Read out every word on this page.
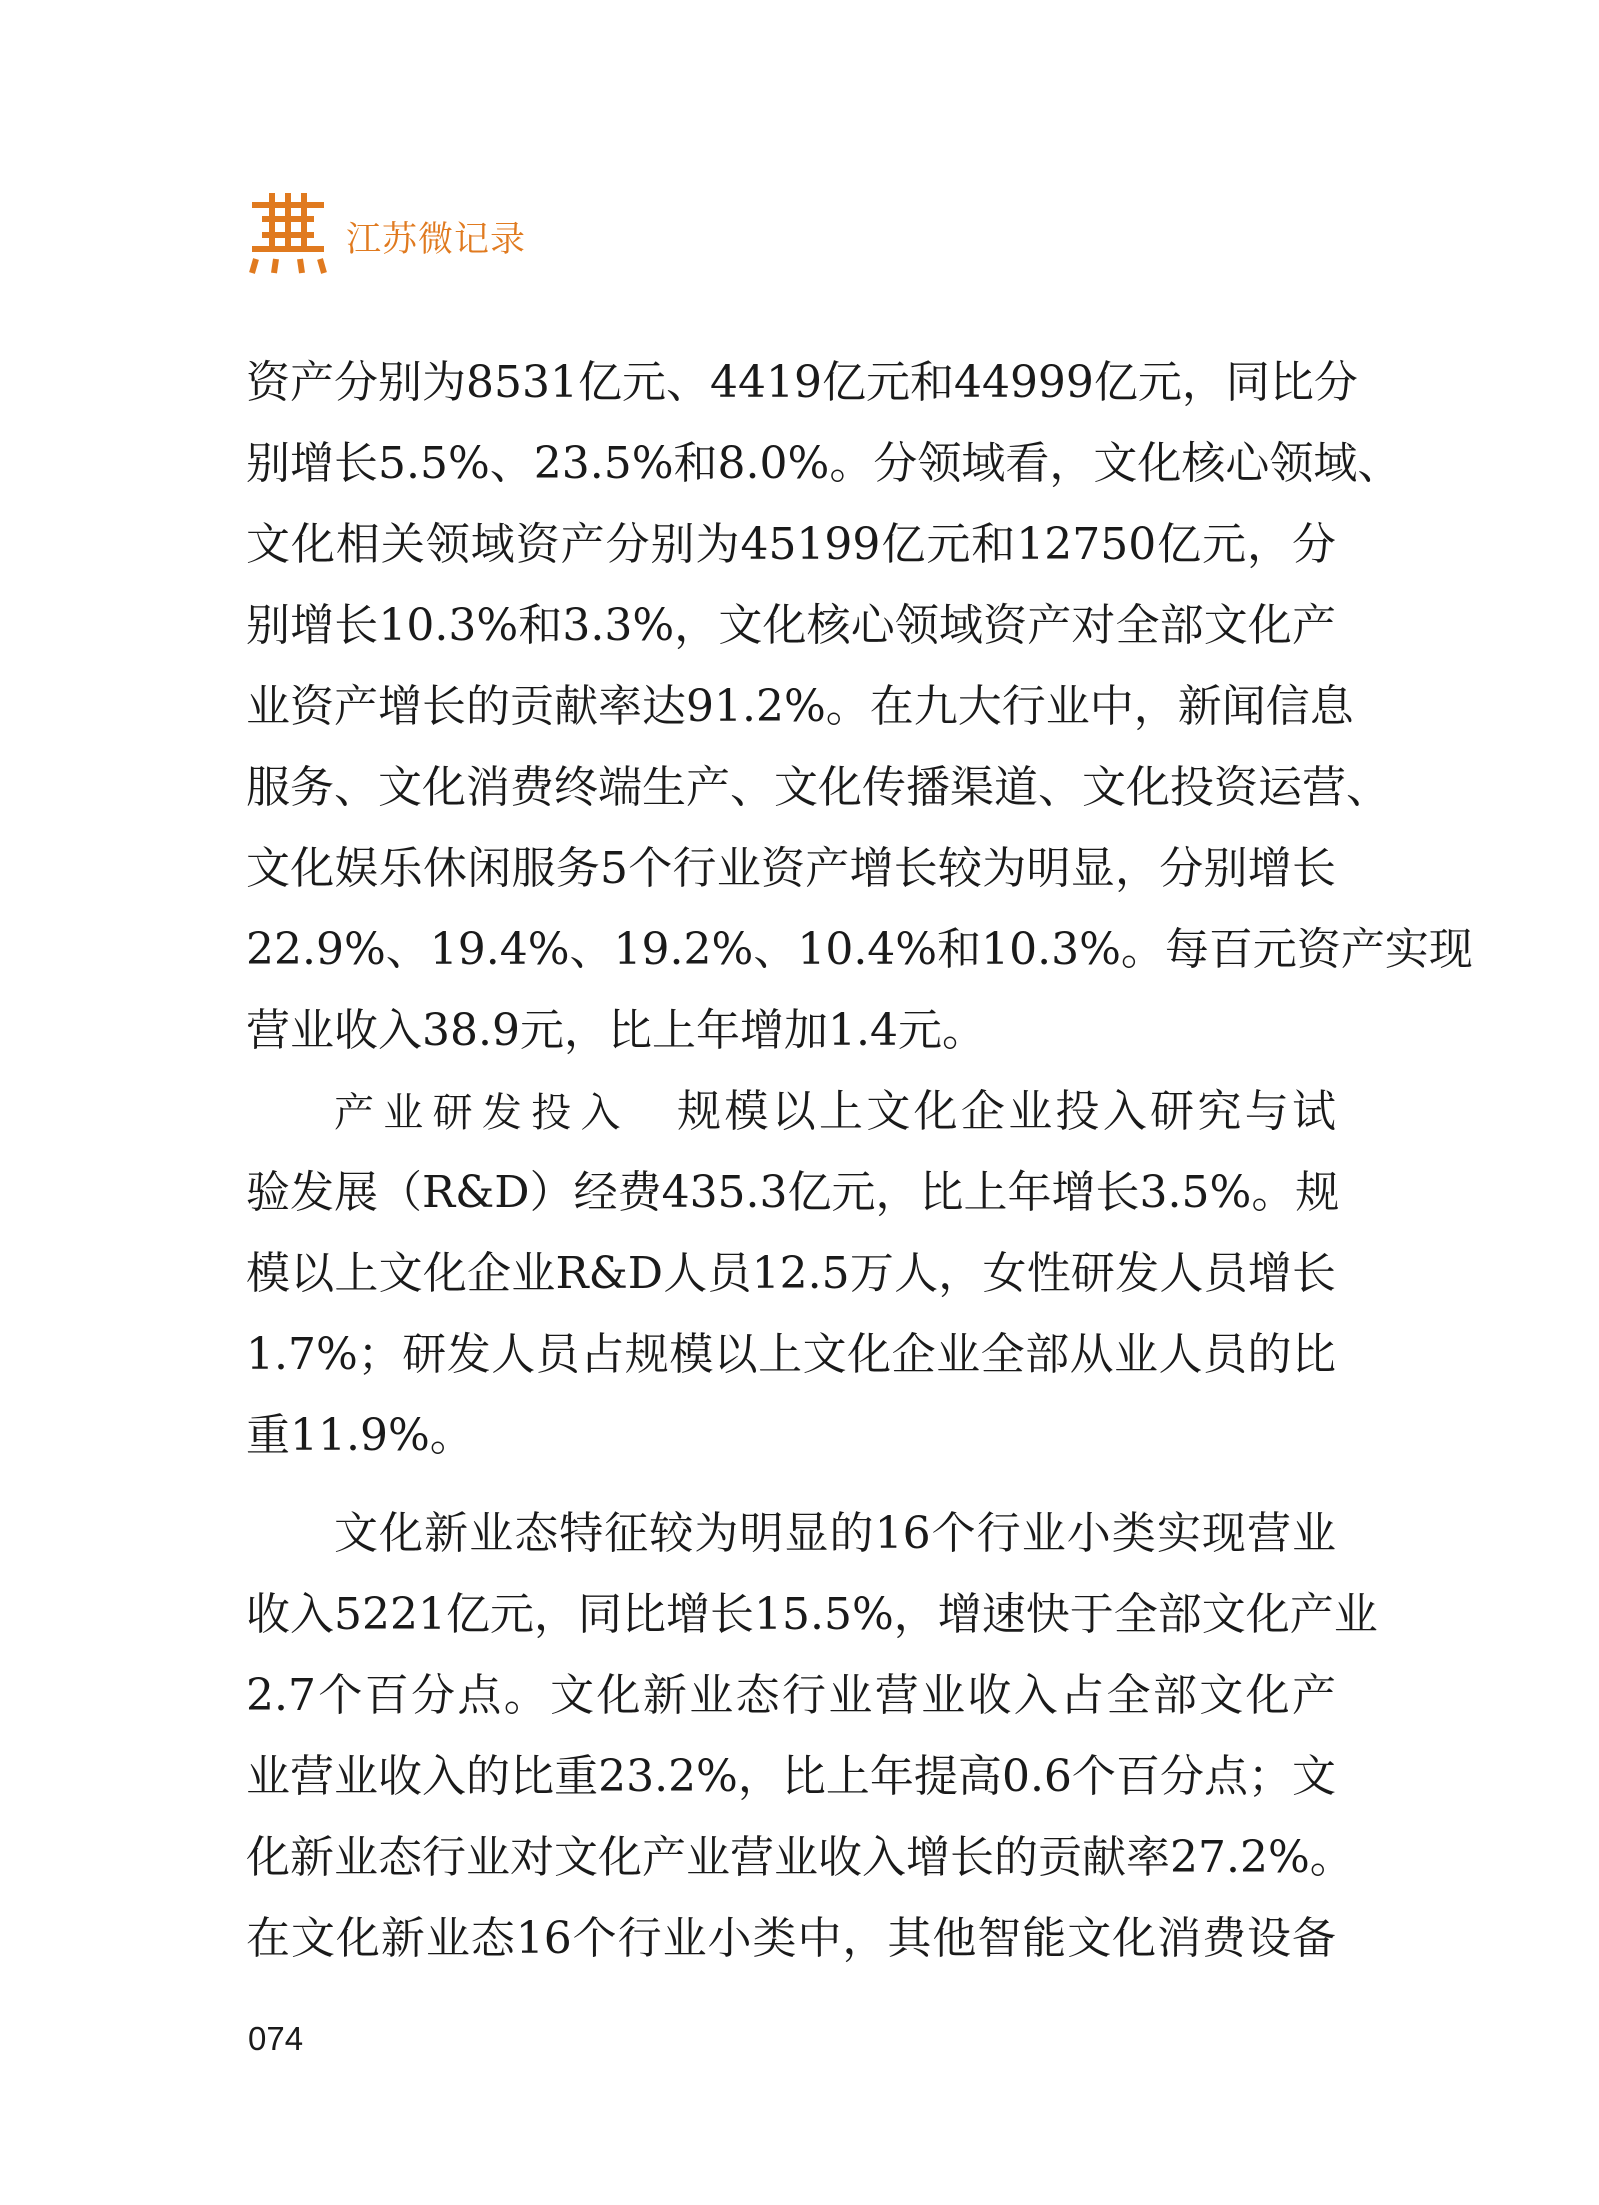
江苏微记录
资产分别为8531亿元、4419亿元和44999亿元，同比分
别增长5.5%、23.5%和8.0%。分领域看，文化核心领域、
文化相关领域资产分别为45199亿元和12750亿元，分
别增长10.3%和3.3%，文化核心领域资产对全部文化产
业资产增长的贡献率达91.2%。在九大行业中，新闻信息
服务、文化消费终端生产、文化传播渠道、文化投资运营、
文化娱乐休闲服务5个行业资产增长较为明显，分别增长
22.9%、19.4%、19.2%、10.4%和10.3%。每百元资产实现
营业收入38.9元，比上年增加1.4元。
产业研发投入　 规模以上文化企业投入研究与试
验发展（R&D）经费435.3亿元，比上年增长3.5%。规
模以上文化企业R&D人员12.5万人，女性研发人员增长
1.7%；研发人员占规模以上文化企业全部从业人员的比
重11.9%。
文化新业态特征较为明显的16个行业小类实现营业
收入5221亿元，同比增长15.5%，增速快于全部文化产业
2.7个百分点。文化新业态行业营业收入占全部文化产
业营业收入的比重23.2%，比上年提高0.6个百分点；文
化新业态行业对文化产业营业收入增长的贡献率27.2%。
在文化新业态16个行业小类中，其他智能文化消费设备
074
